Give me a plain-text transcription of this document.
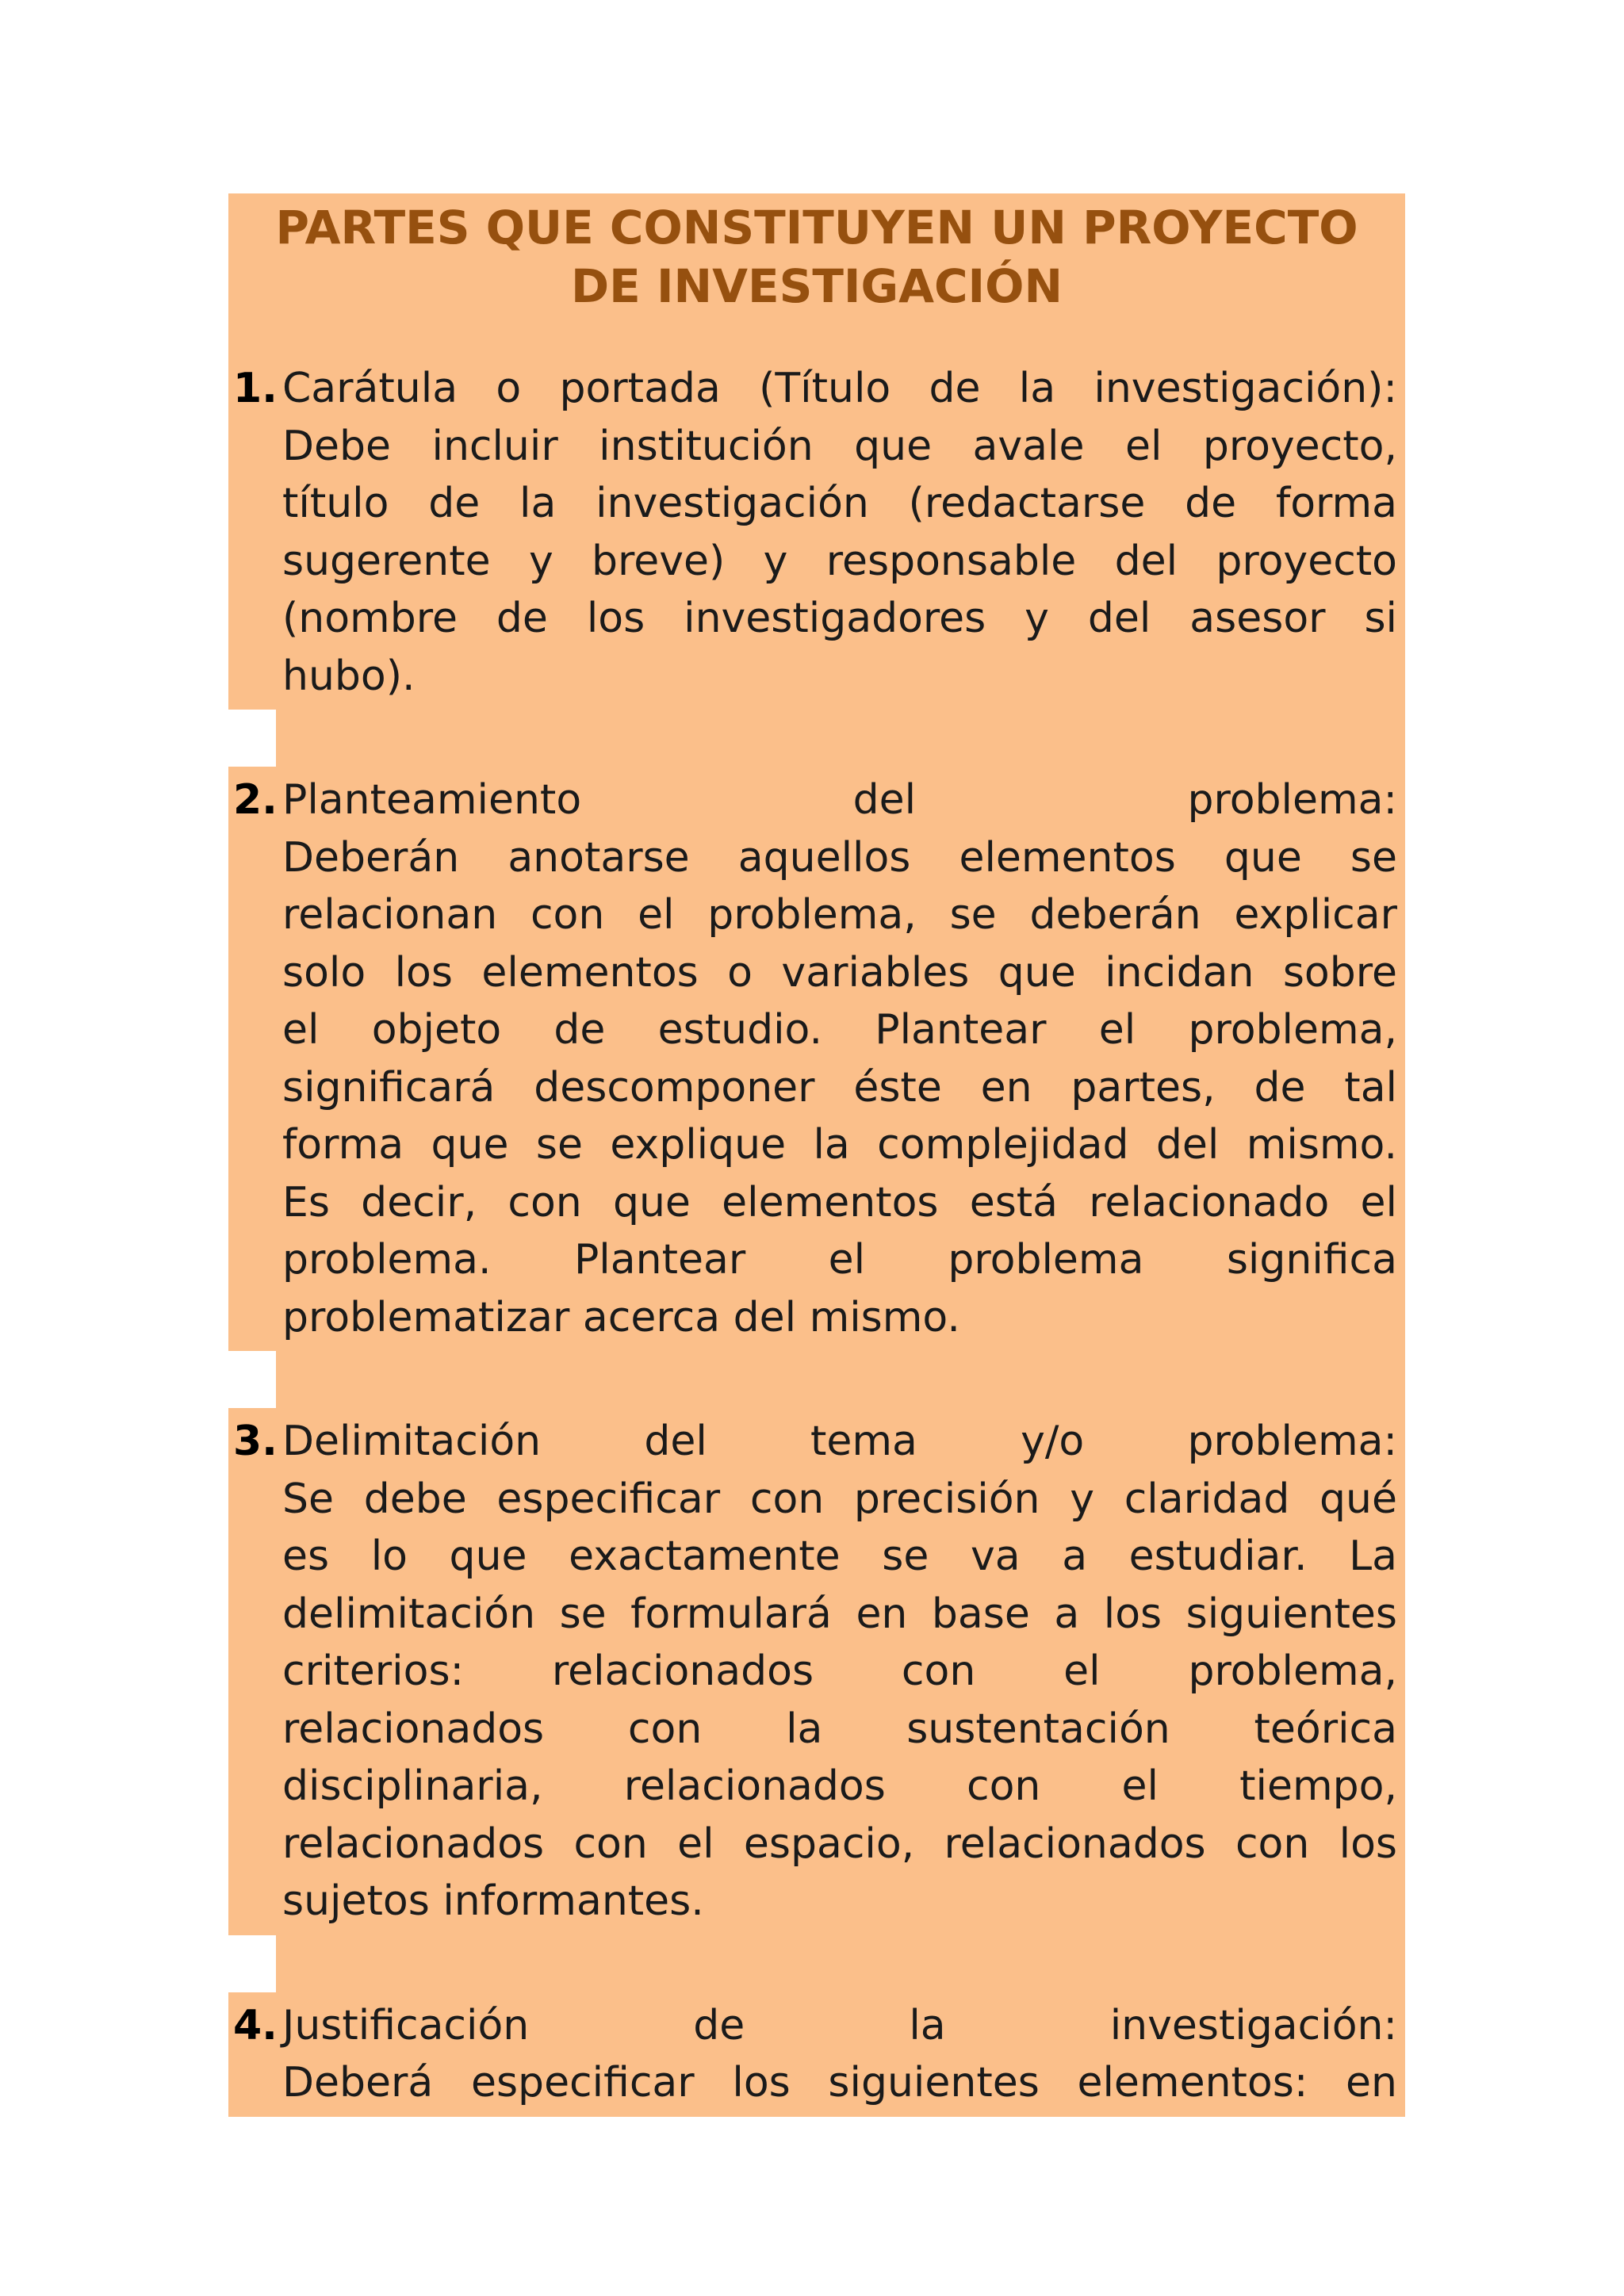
PARTES QUE CONSTITUYEN UN PROYECTO
DE INVESTIGACIÓN
1. Carátula o portada (Título de la investigación):
Debe incluir institución que avale el proyecto,
título de la investigación (redactarse de forma
sugerente y breve) y responsable del proyecto
(nombre de los investigadores y del asesor si
hubo).
2. Planteamiento del problema:
Deberán anotarse aquellos elementos que se
relacionan con el problema, se deberán explicar
solo los elementos o variables que incidan sobre
el objeto de estudio. Plantear el problema,
significará descomponer éste en partes, de tal
forma que se explique la complejidad del mismo.
Es decir, con que elementos está relacionado el
problema. Plantear el problema significa
problematizar acerca del mismo.
3. Delimitación del tema y/o problema:
Se debe especificar con precisión y claridad qué
es lo que exactamente se va a estudiar. La
delimitación se formulará en base a los siguientes
criterios: relacionados con el problema,
relacionados con la sustentación teórica
disciplinaria, relacionados con el tiempo,
relacionados con el espacio, relacionados con los
sujetos informantes.
4. Justificación de la investigación:
Deberá especificar los siguientes elementos: en
